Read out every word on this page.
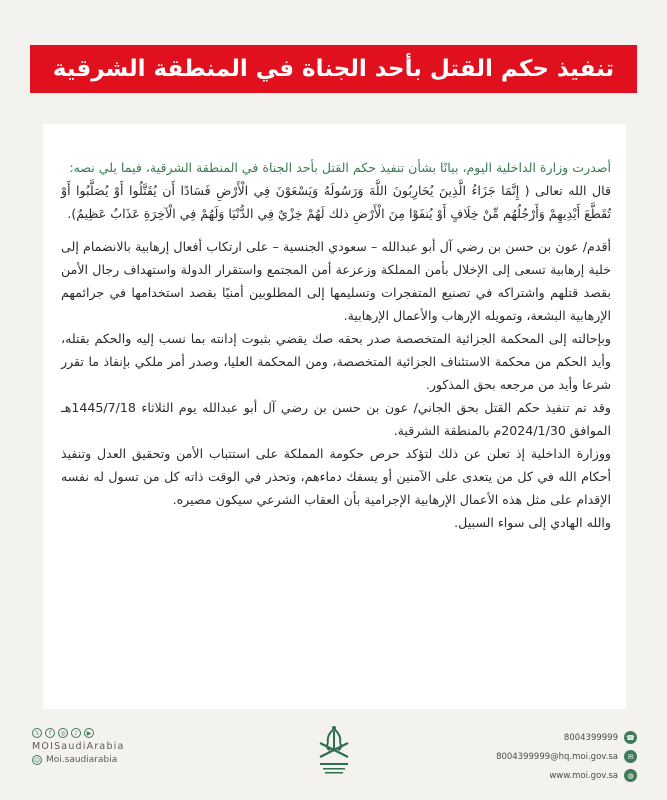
تنفيذ حكم القتل بأحد الجناة في المنطقة الشرقية

أصدرت وزارة الداخلية اليوم، بيانًا بشأن تنفيذ حكم القتل بأحد الجناة في المنطقة الشرقية، فيما يلي نصه:

قال الله تعالى ( إِنَّمَا جَزَاءُ الَّذِينَ يُحَارِبُونَ اللَّهَ وَرَسُولَهُ وَيَسْعَوْنَ فِي الْأَرْضِ فَسَادًا أَن يُقَتَّلُوا أَوْ يُصَلَّبُوا أَوْ تُقَطَّعَ أَيْدِيهِمْ وَأَرْجُلُهُم مِّنْ خِلَافٍ أَوْ يُنفَوْا مِنَ الْأَرْضِ ذلك لَهُمْ خِزْيٌ فِي الدُّنْيَا وَلَهُمْ فِي الْآخِرَةِ عَذَابٌ عَظِيمٌ).

أقدم/ عون بن حسن بن رضي آل أبو عبدالله – سعودي الجنسية – على ارتكاب أفعال إرهابية بالانضمام إلى خلية إرهابية تسعى إلى الإخلال بأمن المملكة وزعزعة أمن المجتمع واستقرار الدولة واستهداف رجال الأمن بقصد قتلهم واشتراكه في تصنيع المتفجرات وتسليمها إلى المطلوبين أمنيًا بقصد استخدامها في جرائمهم الإرهابية البشعة، وتمويله الإرهاب والأعمال الإرهابية.

وبإحالته إلى المحكمة الجزائية المتخصصة صدر بحقه صك يقضي بثبوت إدانته بما نسب إليه والحكم بقتله، وأيد الحكم من محكمة الاستئناف الجزائية المتخصصة، ومن المحكمة العليا، وصدر أمر ملكي بإنفاذ ما تقرر شرعا وأيد من مرجعه بحق المذكور.

وقد تم تنفيذ حكم القتل بحق الجاني/ عون بن حسن بن رضي آل أبو عبدالله يوم الثلاثاء 1445/7/18هـ الموافق 2024/1/30م بالمنطقة الشرقية.

ووزارة الداخلية إذ تعلن عن ذلك لتؤكد حرص حكومة المملكة على استتباب الأمن وتحقيق العدل وتنفيذ أحكام الله في كل من يتعدى على الآمنين أو يسفك دماءهم، وتحذر في الوقت ذاته كل من تسول له نفسه الإقدام على مثل هذه الأعمال الإرهابية الإجرامية بأن العقاب الشرعي سيكون مصيره.

والله الهادي إلى سواء السبيل.

𝕏	f	◎	♪	▶
MOISaudiArabia
☺ Moi.saudiarabia
8004399999	☎
8004399999@hq.moi.gov.sa	✉
www.moi.gov.sa	◍
